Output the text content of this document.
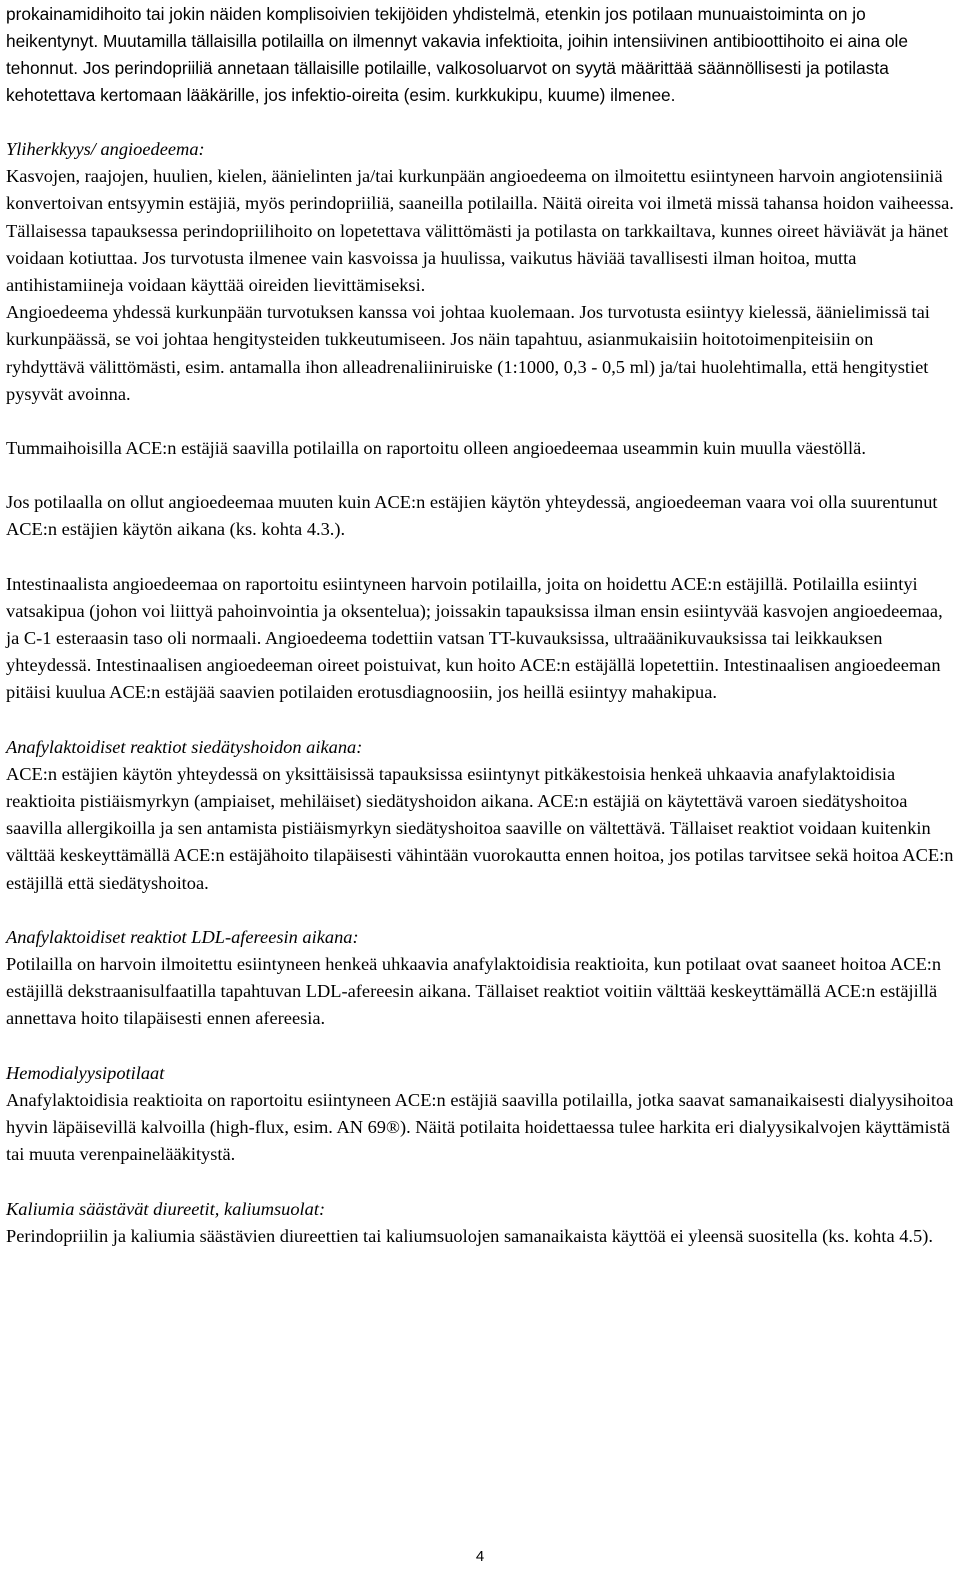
prokainamidihoito tai jokin näiden komplisoivien tekijöiden yhdistelmä, etenkin jos potilaan munuaistoiminta on jo heikentynyt. Muutamilla tällaisilla potilailla on ilmennyt vakavia infektioita, joihin intensiivinen antibioottihoito ei aina ole tehonnut. Jos perindopriiliä annetaan tällaisille potilaille, valkosoluarvot on syytä määrittää säännöllisesti ja potilasta kehotettava kertomaan lääkärille, jos infektio-oireita (esim. kurkkukipu, kuume) ilmenee.

Yliherkkyys/ angioedeema:

Kasvojen, raajojen, huulien, kielen, äänielinten ja/tai kurkunpään angioedeema on ilmoitettu esiintyneen harvoin angiotensiiniä konvertoivan entsyymin estäjiä, myös perindopriiliä, saaneilla potilailla. Näitä oireita voi ilmetä missä tahansa hoidon vaiheessa. Tällaisessa tapauksessa perindopriilihoito on lopetettava välittömästi ja potilasta on tarkkailtava, kunnes oireet häviävät ja hänet voidaan kotiuttaa. Jos turvotusta ilmenee vain kasvoissa ja huulissa, vaikutus häviää tavallisesti ilman hoitoa, mutta antihistamiineja voidaan käyttää oireiden lievittämiseksi.

Angioedeema yhdessä kurkunpään turvotuksen kanssa voi johtaa kuolemaan. Jos turvotusta esiintyy kielessä, äänielimissä tai kurkunpäässä, se voi johtaa hengitysteiden tukkeutumiseen. Jos näin tapahtuu, asianmukaisiin hoitotoimenpiteisiin on ryhdyttävä välittömästi, esim. antamalla ihon alleadrenaliiniruiske (1:1000, 0,3 - 0,5 ml) ja/tai huolehtimalla, että hengitystiet pysyvät avoinna.

Tummaihoisilla ACE:n estäjiä saavilla potilailla on raportoitu olleen angioedeemaa useammin kuin muulla väestöllä.

Jos potilaalla on ollut angioedeemaa muuten kuin ACE:n estäjien käytön yhteydessä, angioedeeman vaara voi olla suurentunut ACE:n estäjien käytön aikana (ks. kohta 4.3.).

Intestinaalista angioedeemaa on raportoitu esiintyneen harvoin potilailla, joita on hoidettu ACE:n estäjillä. Potilailla esiintyi vatsakipua (johon voi liittyä pahoinvointia ja oksentelua); joissakin tapauksissa ilman ensin esiintyvää kasvojen angioedeemaa, ja C-1 esteraasin taso oli normaali. Angioedeema todettiin vatsan TT-kuvauksissa, ultraäänikuvauksissa tai leikkauksen yhteydessä. Intestinaalisen angioedeeman oireet poistuivat, kun hoito ACE:n estäjällä lopetettiin. Intestinaalisen angioedeeman pitäisi kuulua ACE:n estäjää saavien potilaiden erotusdiagnoosiin, jos heillä esiintyy mahakipua.

Anafylaktoidiset reaktiot siedätyshoidon aikana:

ACE:n estäjien käytön yhteydessä on yksittäisissä tapauksissa esiintynyt pitkäkestoisia henkeä uhkaavia anafylaktoidisia reaktioita pistiäismyrkyn (ampiaiset, mehiläiset) siedätyshoidon aikana. ACE:n estäjiä on käytettävä varoen siedätyshoitoa saavilla allergikoilla ja sen antamista pistiäismyrkyn siedätyshoitoa saaville on vältettävä. Tällaiset reaktiot voidaan kuitenkin välttää keskeyttämällä ACE:n estäjähoito tilapäisesti vähintään vuorokautta ennen hoitoa, jos potilas tarvitsee sekä hoitoa ACE:n estäjillä että siedätyshoitoa.

Anafylaktoidiset reaktiot LDL-afereesin aikana:

Potilailla on harvoin ilmoitettu esiintyneen henkeä uhkaavia anafylaktoidisia reaktioita, kun potilaat ovat saaneet hoitoa ACE:n estäjillä dekstraanisulfaatilla tapahtuvan LDL-afereesin aikana. Tällaiset reaktiot voitiin välttää keskeyttämällä ACE:n estäjillä annettava hoito tilapäisesti ennen afereesia.

Hemodialyysipotilaat

Anafylaktoidisia reaktioita on raportoitu esiintyneen ACE:n estäjiä saavilla potilailla, jotka saavat samanaikaisesti dialyysihoitoa hyvin läpäisevillä kalvoilla (high-flux, esim. AN 69®). Näitä potilaita hoidettaessa tulee harkita eri dialyysikalvojen käyttämistä tai muuta verenpainelääkitystä.

Kaliumia säästävät diureetit, kaliumsuolat:

Perindopriilin ja kaliumia säästävien diureettien tai kaliumsuolojen samanaikaista käyttöä ei yleensä suositella (ks. kohta 4.5).

4
